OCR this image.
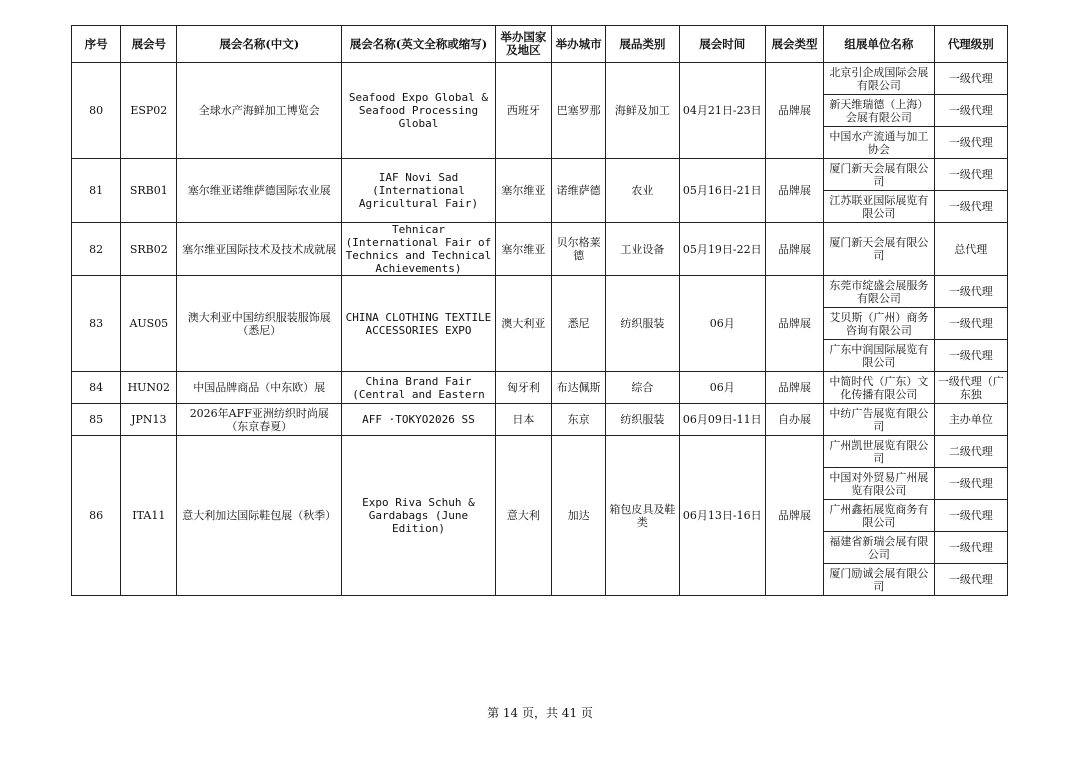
序号	展会号	展会名称(中文)	展会名称(英文全称或缩写)	举办国家及地区	举办城市	展品类别	展会时间	展会类型	组展单位名称	代理级别
80	ESP02	全球水产海鲜加工博览会	Seafood Expo Global & Seafood Processing Global	西班牙	巴塞罗那	海鲜及加工	04月21日-23日	品牌展	北京引企成国际会展有限公司	一级代理
									新天维瑞德（上海）会展有限公司	一级代理
									中国水产流通与加工协会	一级代理
81	SRB01	塞尔维亚诺维萨德国际农业展	IAF Novi Sad (International Agricultural Fair)	塞尔维亚	诺维萨德	农业	05月16日-21日	品牌展	厦门新天会展有限公司	一级代理
									江苏联亚国际展览有限公司	一级代理
82	SRB02	塞尔维亚国际技术及技术成就展	Tehnicar (International Fair of Technics and Technical Achievements)	塞尔维亚	贝尔格莱德	工业设备	05月19日-22日	品牌展	厦门新天会展有限公司	总代理
83	AUS05	澳大利亚中国纺织服装服饰展（悉尼）	CHINA CLOTHING TEXTILE ACCESSORIES EXPO	澳大利亚	悉尼	纺织服装	06月	品牌展	东莞市绽盛会展服务有限公司	一级代理
									艾贝斯（广州）商务咨询有限公司	一级代理
									广东中润国际展览有限公司	一级代理
84	HUN02	中国品牌商品（中东欧）展	China Brand Fair (Central and Eastern	匈牙利	布达佩斯	综合	06月	品牌展	中简时代（广东）文化传播有限公司	一级代理（广东独
85	JPN13	2026年AFF亚洲纺织时尚展（东京春夏）	AFF ·TOKYO2026 SS	日本	东京	纺织服装	06月09日-11日	自办展	中纺广告展览有限公司	主办单位
86	ITA11	意大利加达国际鞋包展（秋季）	Expo Riva Schuh & Gardabags (June Edition)	意大利	加达	箱包皮具及鞋类	06月13日-16日	品牌展	广州凯世展览有限公司	二级代理
									中国对外贸易广州展览有限公司	一级代理
									广州鑫拓展览商务有限公司	一级代理
									福建省新瑞会展有限公司	一级代理
									厦门励诚会展有限公司	一级代理
第 14 页，共 41 页
